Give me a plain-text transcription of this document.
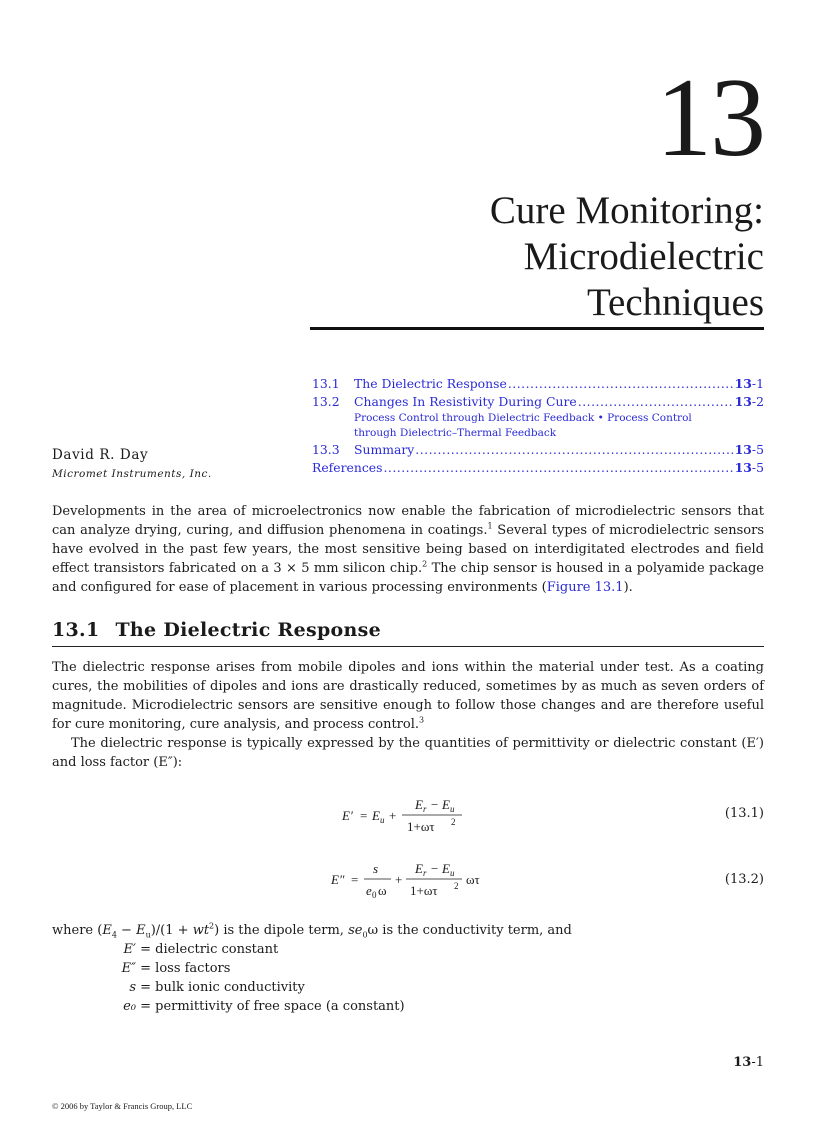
13
Cure Monitoring:
Microdielectric
Techniques
13.1	The Dielectric Response .....	13-1
13.2	Changes In Resistivity During Cure .....	13-2
Process Control through Dielectric Feedback • Process Control
through Dielectric–Thermal Feedback
13.3	Summary .....	13-5
References .....	13-5
David R. Day
Micromet Instruments, Inc.
Developments in the area of microelectronics now enable the fabrication of microdielectric sensors that can analyze drying, curing, and diffusion phenomena in coatings.$^1$ Several types of microdielectric sensors have evolved in the past few years, the most sensitive being based on interdigitated electrodes and field effect transistors fabricated on a 3 × 5 mm silicon chip.$^2$ The chip sensor is housed in a polyamide package and configured for ease of placement in various processing environments (Figure 13.1).
13.1 The Dielectric Response
The dielectric response arises from mobile dipoles and ions within the material under test. As a coating cures, the mobilities of dipoles and ions are drastically reduced, sometimes by as much as seven orders of magnitude. Microdielectric sensors are sensitive enough to follow those changes and are therefore useful for cure monitoring, cure analysis, and process control.$^3$
The dielectric response is typically expressed by the quantities of permittivity or dielectric constant (E′) and loss factor (E″):
E′ = E u +
E r − E u
1+ωτ 2
(13.1)
E″ =
s
e 0 ω
+
E r − E u
1+ωτ 2 ωτ	(13.2)
where $(E_4 - E_u)/(1 + wt^2)$ is the dipole term, $se_0\omega$ is the conductivity term, and
E′ = dielectric constant
E″ = loss factors
s = bulk ionic conductivity
e₀ = permittivity of free space (a constant)
13-1
© 2006 by Taylor & Francis Group, LLC
